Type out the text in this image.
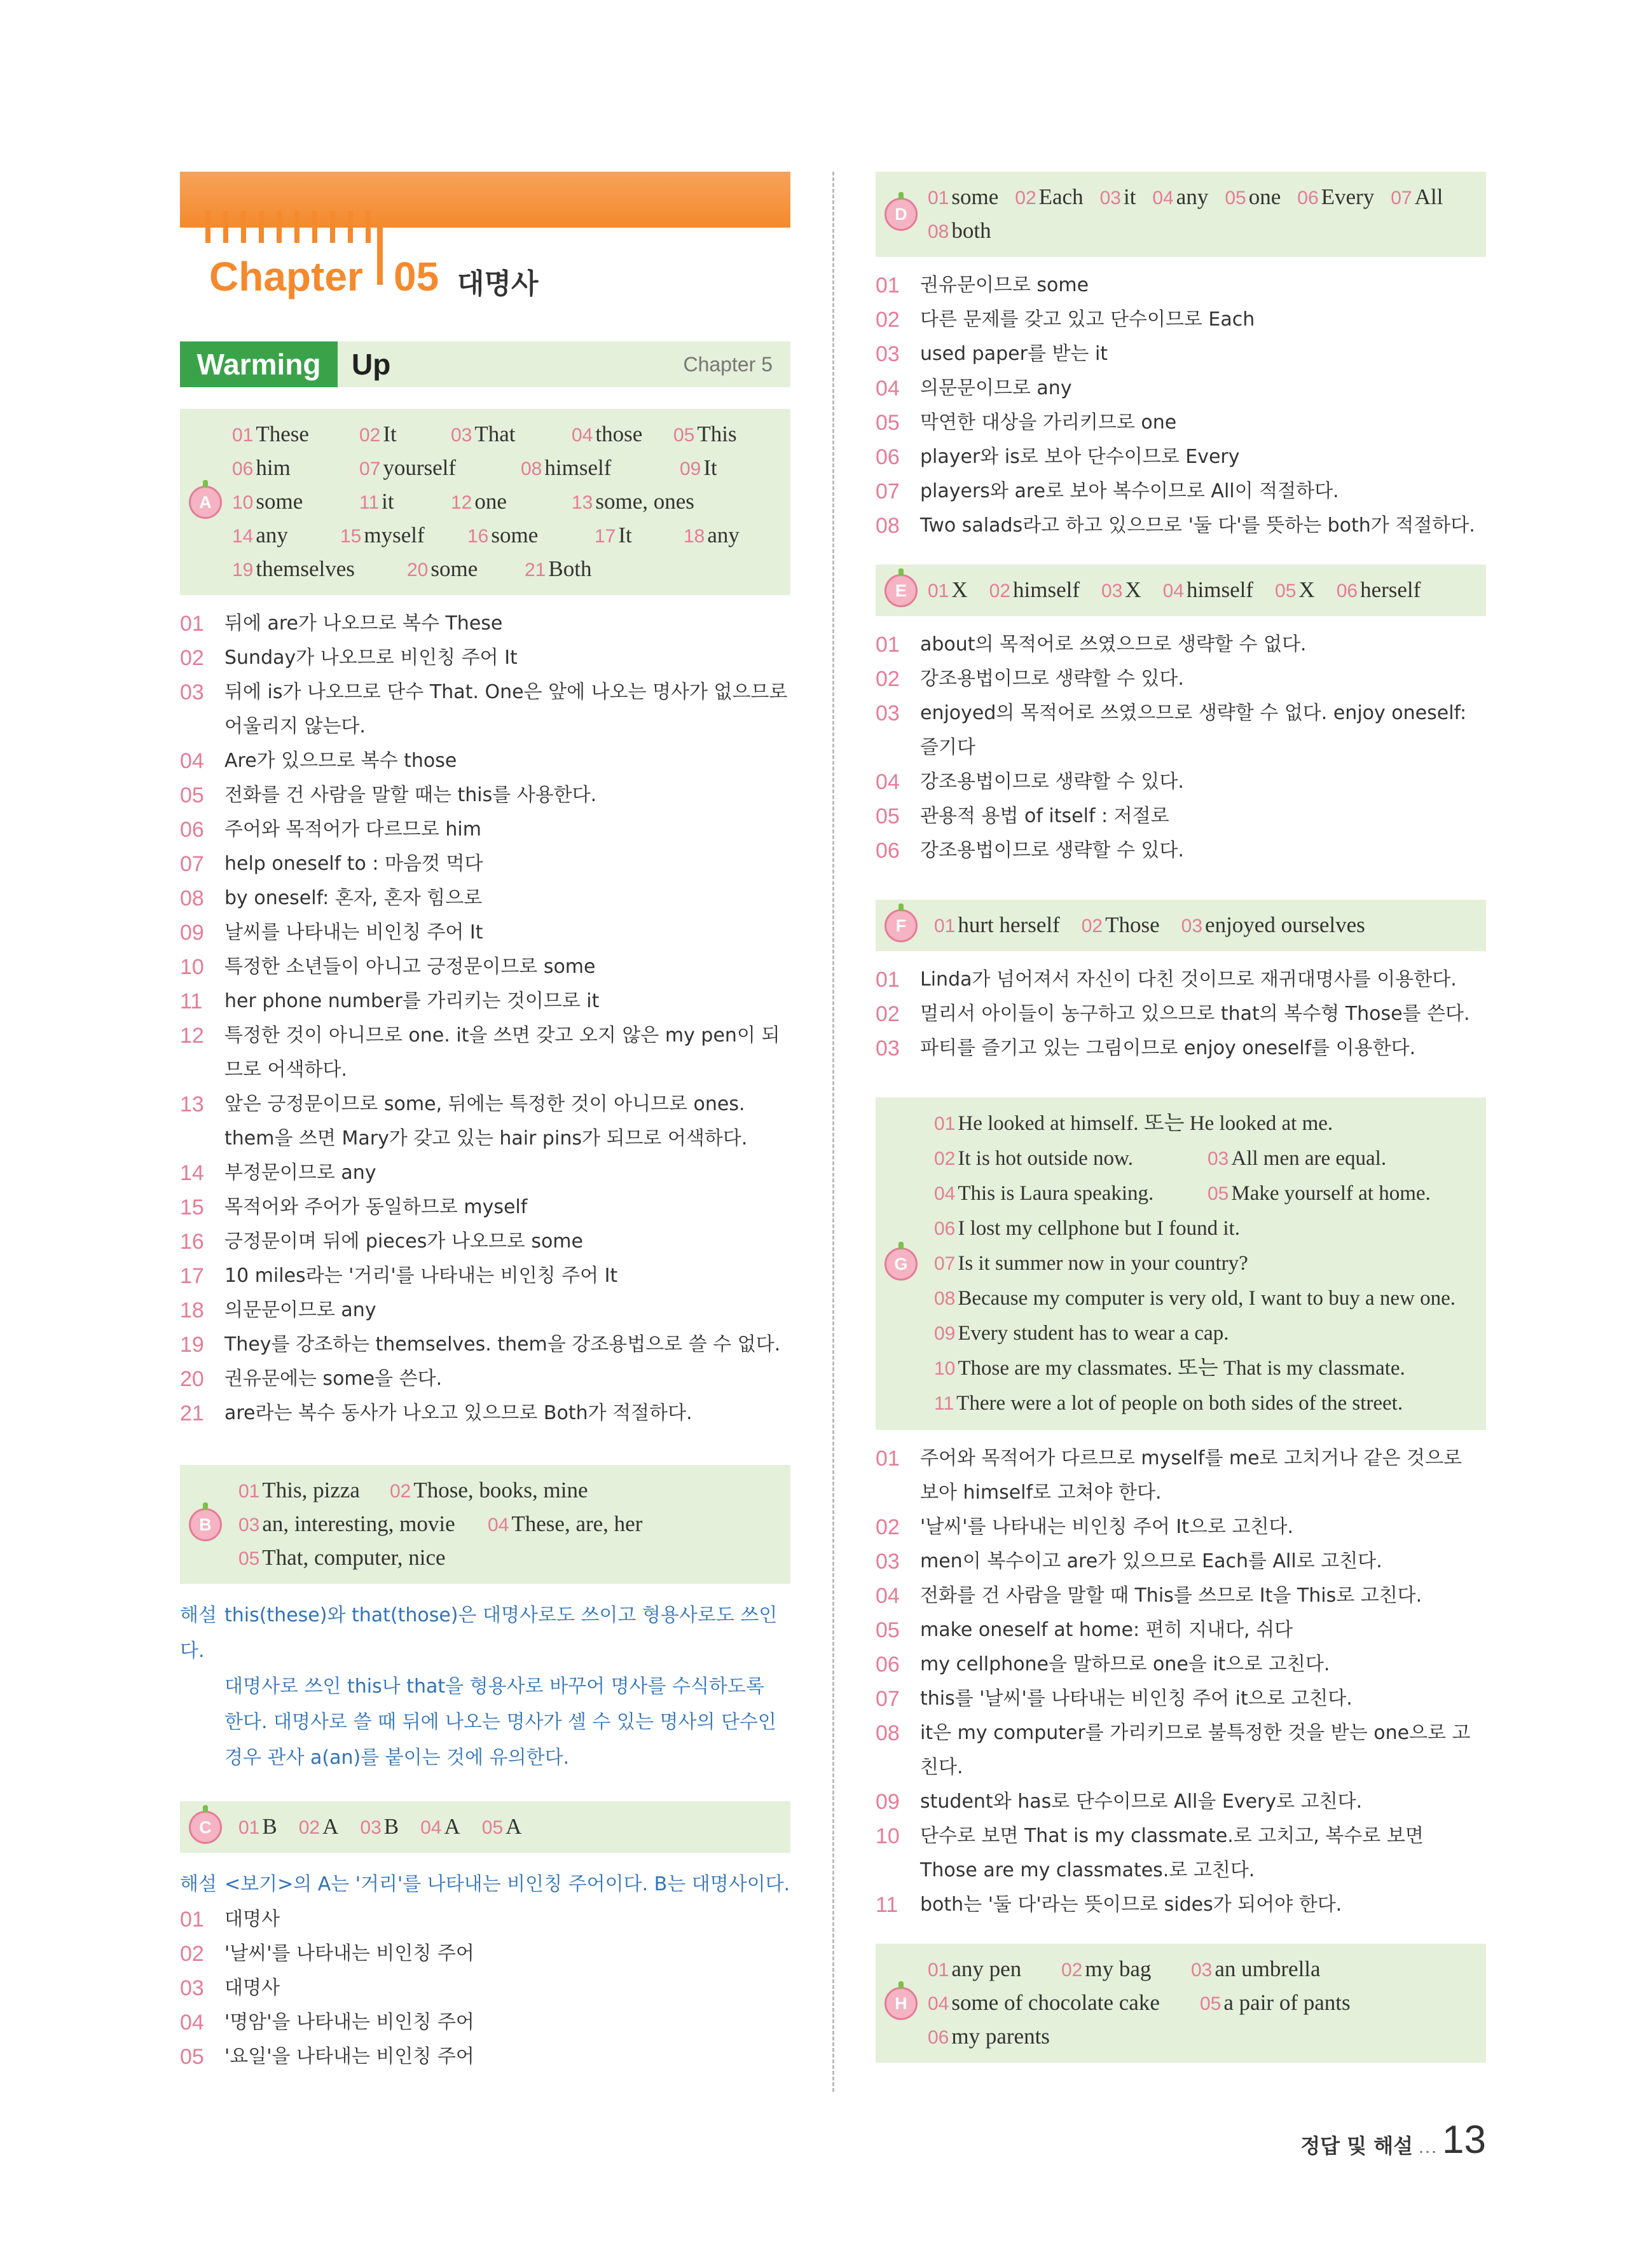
Chapter 05 대명사
Warming	Up	Chapter 5
A
01 These	02 It	03 That	04 those 05 This
06 him	07 yourself	08 himself	09 It
10 some	11 it	12 one	13 some, ones
14 any	15 myself 16 some	17 It	18 any
19 themselves	20 some 21 Both
01	뒤에 are가 나오므로 복수 These
02	Sunday가 나오므로 비인칭 주어 It
03	뒤에 is가 나오므로 단수 That. One은 앞에 나오는 명사가 없으므로 어울리지 않는다.
04	Are가 있으므로 복수 those
05	전화를 건 사람을 말할 때는 this를 사용한다.
06	주어와 목적어가 다르므로 him
07	help oneself to : 마음껏 먹다
08	by oneself: 혼자, 혼자 힘으로
09	날씨를 나타내는 비인칭 주어 It
10	특정한 소년들이 아니고 긍정문이므로 some
11	her phone number를 가리키는 것이므로 it
12	특정한 것이 아니므로 one. it을 쓰면 갖고 오지 않은 my pen이 되므로 어색하다.
13	앞은 긍정문이므로 some, 뒤에는 특정한 것이 아니므로 ones. them을 쓰면 Mary가 갖고 있는 hair pins가 되므로 어색하다.
14	부정문이므로 any
15	목적어와 주어가 동일하므로 myself
16	긍정문이며 뒤에 pieces가 나오므로 some
17	10 miles라는 '거리'를 나타내는 비인칭 주어 It
18	의문문이므로 any
19	They를 강조하는 themselves. them을 강조용법으로 쓸 수 없다.
20	권유문에는 some을 쓴다.
21	are라는 복수 동사가 나오고 있으므로 Both가 적절하다.
B
01 This, pizza 02 Those, books, mine
03 an, interesting, movie 04 These, are, her
05 That, computer, nice
해설 this(these)와 that(those)은 대명사로도 쓰이고 형용사로도 쓰인다.
대명사로 쓰인 this나 that을 형용사로 바꾸어 명사를 수식하도록
한다. 대명사로 쓸 때 뒤에 나오는 명사가 셀 수 있는 명사의 단수인
경우 관사 a(an)를 붙이는 것에 유의한다.
C	01 B 02 A 03 B 04 A 05 A
해설 <보기>의 A는 '거리'를 나타내는 비인칭 주어이다. B는 대명사이다.
01	대명사
02	'날씨'를 나타내는 비인칭 주어
03	대명사
04	'명암'을 나타내는 비인칭 주어
05	'요일'을 나타내는 비인칭 주어
D
01 some 02 Each 03 it 04 any 05 one 06 Every 07 All
08 both
01	권유문이므로 some
02	다른 문제를 갖고 있고 단수이므로 Each
03	used paper를 받는 it
04	의문문이므로 any
05	막연한 대상을 가리키므로 one
06	player와 is로 보아 단수이므로 Every
07	players와 are로 보아 복수이므로 All이 적절하다.
08	Two salads라고 하고 있으므로 '둘 다'를 뜻하는 both가 적절하다.
E	01 X 02 himself 03 X 04 himself 05 X 06 herself
01	about의 목적어로 쓰였으므로 생략할 수 없다.
02	강조용법이므로 생략할 수 있다.
03	enjoyed의 목적어로 쓰였으므로 생략할 수 없다. enjoy oneself: 즐기다
04	강조용법이므로 생략할 수 있다.
05	관용적 용법 of itself : 저절로
06	강조용법이므로 생략할 수 있다.
F	01 hurt herself 02 Those 03 enjoyed ourselves
01	Linda가 넘어져서 자신이 다친 것이므로 재귀대명사를 이용한다.
02	멀리서 아이들이 농구하고 있으므로 that의 복수형 Those를 쓴다.
03	파티를 즐기고 있는 그림이므로 enjoy oneself를 이용한다.
G
01 He looked at himself. 또는 He looked at me.
02 It is hot outside now.	03 All men are equal.
04 This is Laura speaking.	05 Make yourself at home.
06 I lost my cellphone but I found it.
07 Is it summer now in your country?
08 Because my computer is very old, I want to buy a new one.
09 Every student has to wear a cap.
10 Those are my classmates. 또는 That is my classmate.
11 There were a lot of people on both sides of the street.
01	주어와 목적어가 다르므로 myself를 me로 고치거나 같은 것으로 보아 himself로 고쳐야 한다.
02	'날씨'를 나타내는 비인칭 주어 It으로 고친다.
03	men이 복수이고 are가 있으므로 Each를 All로 고친다.
04	전화를 건 사람을 말할 때 This를 쓰므로 It을 This로 고친다.
05	make oneself at home: 편히 지내다, 쉬다
06	my cellphone을 말하므로 one을 it으로 고친다.
07	this를 '날씨'를 나타내는 비인칭 주어 it으로 고친다.
08	it은 my computer를 가리키므로 불특정한 것을 받는 one으로 고친다.
09	student와 has로 단수이므로 All을 Every로 고친다.
10	단수로 보면 That is my classmate.로 고치고, 복수로 보면 Those are my classmates.로 고친다.
11	both는 '둘 다'라는 뜻이므로 sides가 되어야 한다.
H
01 any pen 02 my bag 03 an umbrella
04 some of chocolate cake 05 a pair of pants
06 my parents
정답 및 해설 … 13
